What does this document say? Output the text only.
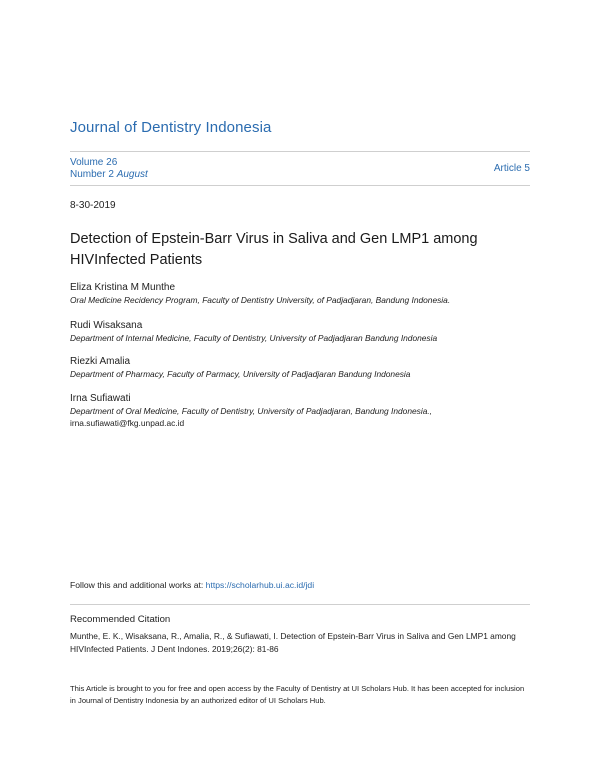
Journal of Dentistry Indonesia
Volume 26
Number 2 August
Article 5
8-30-2019
Detection of Epstein-Barr Virus in Saliva and Gen LMP1 among HIVInfected Patients
Eliza Kristina M Munthe
Oral Medicine Recidency Program, Faculty of Dentistry University, of Padjadjaran, Bandung Indonesia.
Rudi Wisaksana
Department of Internal Medicine, Faculty of Dentistry, University of Padjadjaran Bandung Indonesia
Riezki Amalia
Department of Pharmacy, Faculty of Parmacy, University of Padjadjaran Bandung Indonesia
Irna Sufiawati
Department of Oral Medicine, Faculty of Dentistry, University of Padjadjaran, Bandung Indonesia.,
irna.sufiawati@fkg.unpad.ac.id
Follow this and additional works at: https://scholarhub.ui.ac.id/jdi
Recommended Citation
Munthe, E. K., Wisaksana, R., Amalia, R., & Sufiawati, I. Detection of Epstein-Barr Virus in Saliva and Gen LMP1 among HIVInfected Patients. J Dent Indones. 2019;26(2): 81-86
This Article is brought to you for free and open access by the Faculty of Dentistry at UI Scholars Hub. It has been accepted for inclusion in Journal of Dentistry Indonesia by an authorized editor of UI Scholars Hub.
